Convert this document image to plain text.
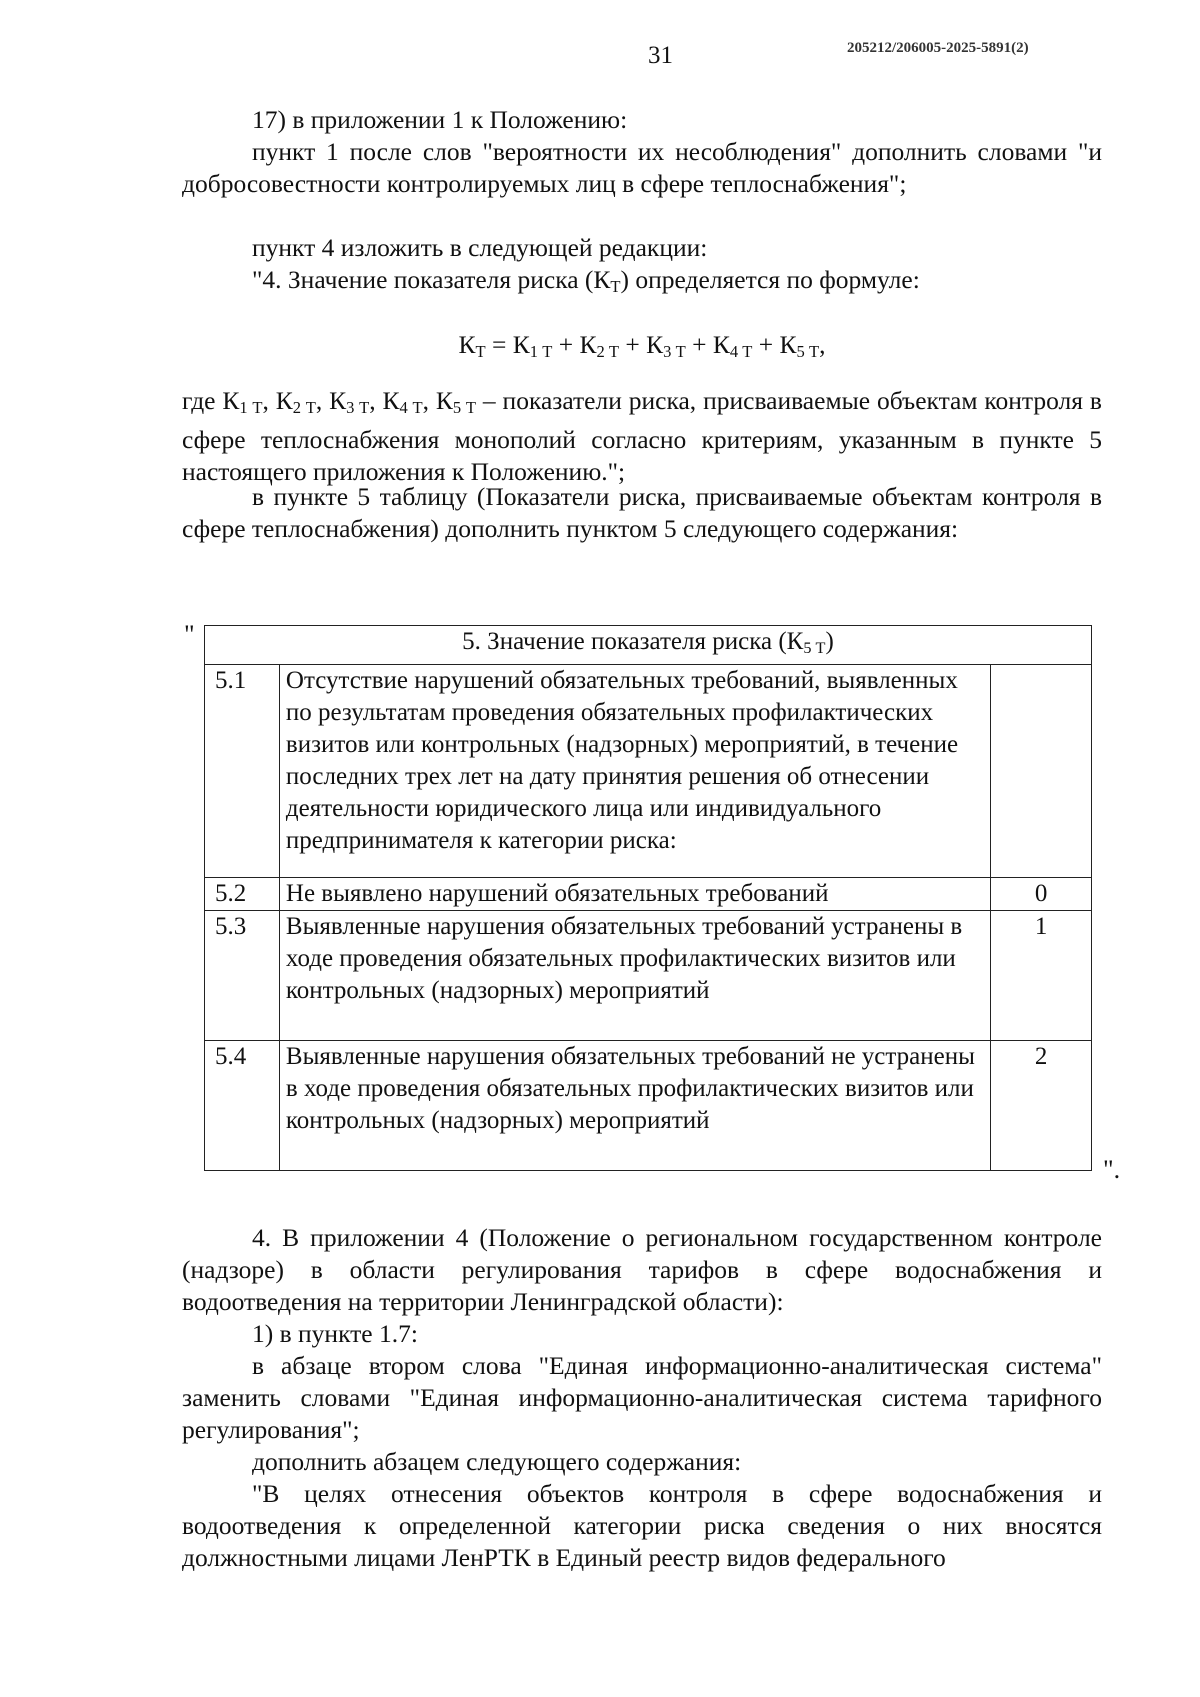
31	205212/206005-2025-5891(2)
17) в приложении 1 к Положению:
пункт 1 после слов "вероятности их несоблюдения" дополнить словами "и добросовестности контролируемых лиц в сфере теплоснабжения";
пункт 4 изложить в следующей редакции:
"4. Значение показателя риска $(К_Т)$ определяется по формуле:
$К_Т = К_{1 Т} + К_{2 Т} + К_{3 Т} + К_{4 Т} + К_{5 Т}$,
где $К_{1 Т}$, $К_{2 Т}$, $К_{3 Т}$, $К_{4 Т}$, $К_{5 Т}$ – показатели риска, присваиваемые объектам контроля в сфере теплоснабжения монополий согласно критериям, указанным в пункте 5 настоящего приложения к Положению.";
в пункте 5 таблицу (Показатели риска, присваиваемые объектам контроля в сфере теплоснабжения) дополнить пунктом 5 следующего содержания:
"	5. Значение показателя риска $(К_{5 Т})$		
5.1	Отсутствие нарушений обязательных требований, выявленных по результатам проведения обязательных профилактических визитов или контрольных (надзорных) мероприятий, в течение последних трех лет на дату принятия решения об отнесении деятельности юридического лица или индивидуального предпринимателя к категории риска:	
5.2	Не выявлено нарушений обязательных требований	0
5.3	Выявленные нарушения обязательных требований устранены в ходе проведения обязательных профилактических визитов или контрольных (надзорных) мероприятий	1
5.4	Выявленные нарушения обязательных требований не устранены в ходе проведения обязательных профилактических визитов или контрольных (надзорных) мероприятий	2
".
4. В приложении 4 (Положение о региональном государственном контроле (надзоре) в области регулирования тарифов в сфере водоснабжения и водоотведения на территории Ленинградской области):
1) в пункте 1.7:
в абзаце втором слова "Единая информационно-аналитическая система" заменить словами "Единая информационно-аналитическая система тарифного регулирования";
дополнить абзацем следующего содержания:
"В целях отнесения объектов контроля в сфере водоснабжения и водоотведения к определенной категории риска сведения о них вносятся должностными лицами ЛенРТК в Единый реестр видов федерального
